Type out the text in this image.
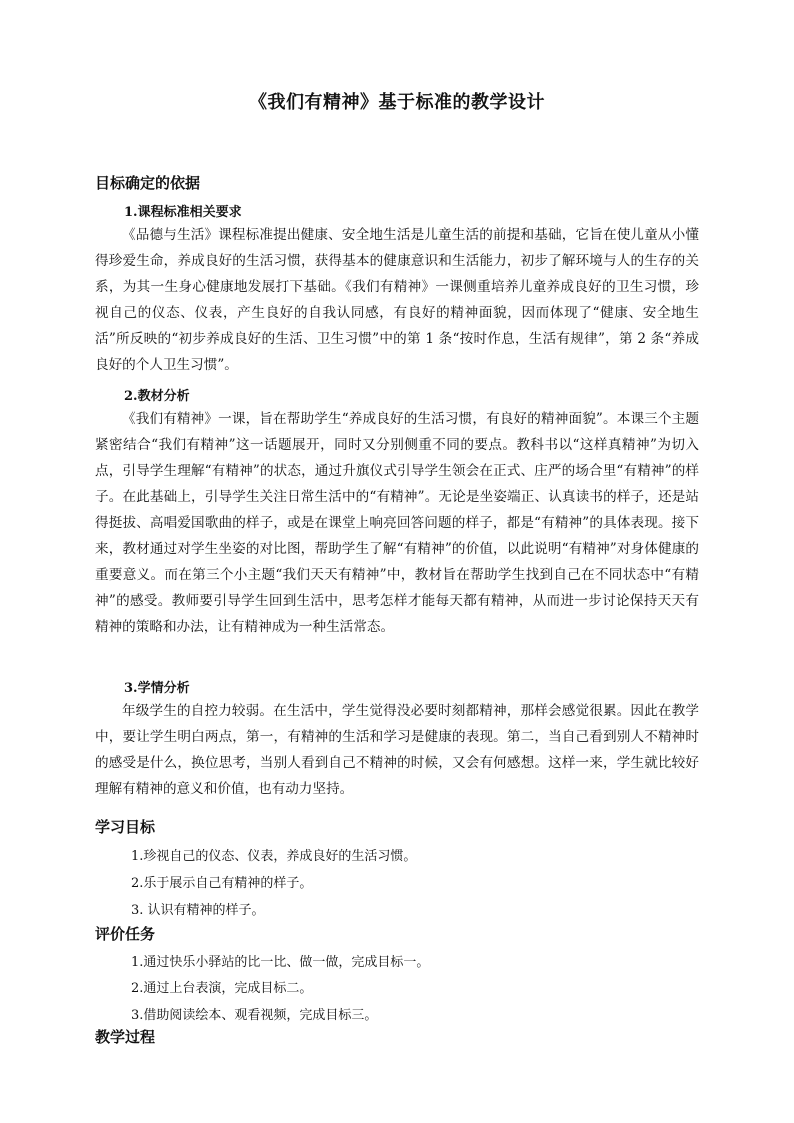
《我们有精神》基于标准的教学设计
目标确定的依据
1.课程标准相关要求

《品德与生活》课程标准提出健康、安全地生活是儿童生活的前提和基础，它旨在使儿童从小懂得珍爱生命，养成良好的生活习惯，获得基本的健康意识和生活能力，初步了解环境与人的生存的关系，为其一生身心健康地发展打下基础。《我们有精神》一课侧重培养儿童养成良好的卫生习惯，珍视自己的仪态、仪表，产生良好的自我认同感，有良好的精神面貌，因而体现了“健康、安全地生活”所反映的“初步养成良好的生活、卫生习惯”中的第 1 条“按时作息，生活有规律”，第 2 条“养成良好的个人卫生习惯”。

2.教材分析

《我们有精神》一课，旨在帮助学生“养成良好的生活习惯，有良好的精神面貌”。本课三个主题紧密结合“我们有精神”这一话题展开，同时又分别侧重不同的要点。教科书以“这样真精神”为切入点，引导学生理解“有精神”的状态，通过升旗仪式引导学生领会在正式、庄严的场合里“有精神”的样子。在此基础上，引导学生关注日常生活中的“有精神”。无论是坐姿端正、认真读书的样子，还是站得挺拔、高唱爱国歌曲的样子，或是在课堂上响亮回答问题的样子，都是“有精神”的具体表现。接下来，教材通过对学生坐姿的对比图，帮助学生了解“有精神”的价值，以此说明“有精神”对身体健康的重要意义。而在第三个小主题“我们天天有精神”中，教材旨在帮助学生找到自己在不同状态中“有精神”的感受。教师要引导学生回到生活中，思考怎样才能每天都有精神，从而进一步讨论保持天天有精神的策略和办法，让有精神成为一种生活常态。

3.学情分析

年级学生的自控力较弱。在生活中，学生觉得没必要时刻都精神，那样会感觉很累。因此在教学中，要让学生明白两点，第一，有精神的生活和学习是健康的表现。第二，当自己看到别人不精神时的感受是什么，换位思考，当别人看到自己不精神的时候，又会有何感想。这样一来，学生就比较好理解有精神的意义和价值，也有动力坚持。

学习目标
1.珍视自己的仪态、仪表，养成良好的生活习惯。
2.乐于展示自己有精神的样子。
3. 认识有精神的样子。
评价任务
1.通过快乐小驿站的比一比、做一做，完成目标一。
2.通过上台表演，完成目标二。
3.借助阅读绘本、观看视频，完成目标三。
教学过程
